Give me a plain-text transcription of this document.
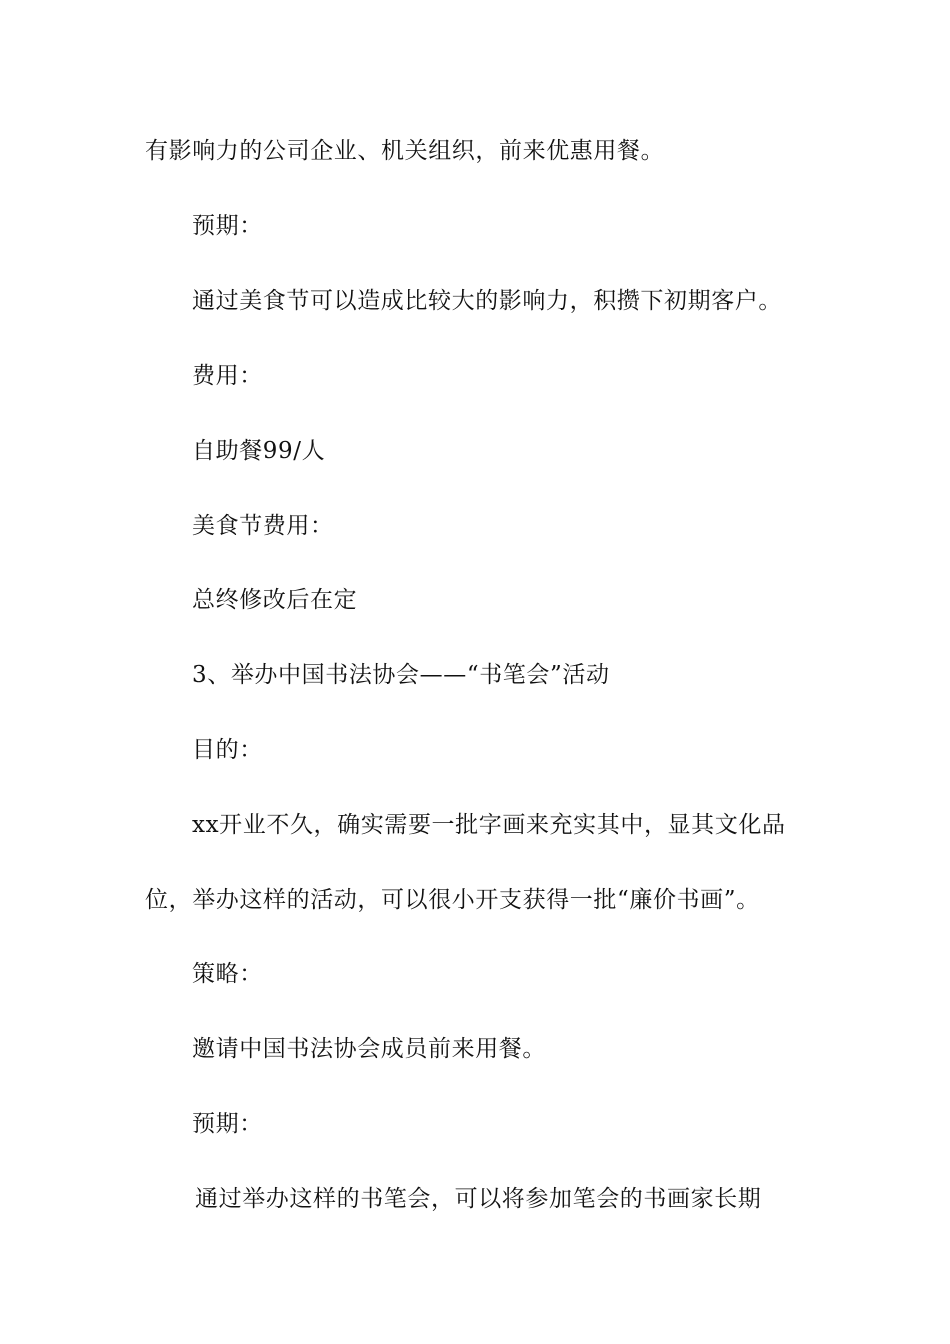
有影响力的公司企业、机关组织，前来优惠用餐。
预期：
通过美食节可以造成比较大的影响力，积攒下初期客户。
费用：
自助餐99/人
美食节费用：
总终修改后在定
3、举办中国书法协会——“书笔会”活动
目的：
xx开业不久，确实需要一批字画来充实其中，显其文化品
位，举办这样的活动，可以很小开支获得一批“廉价书画”。
策略：
邀请中国书法协会成员前来用餐。
预期：
通过举办这样的书笔会，可以将参加笔会的书画家长期
